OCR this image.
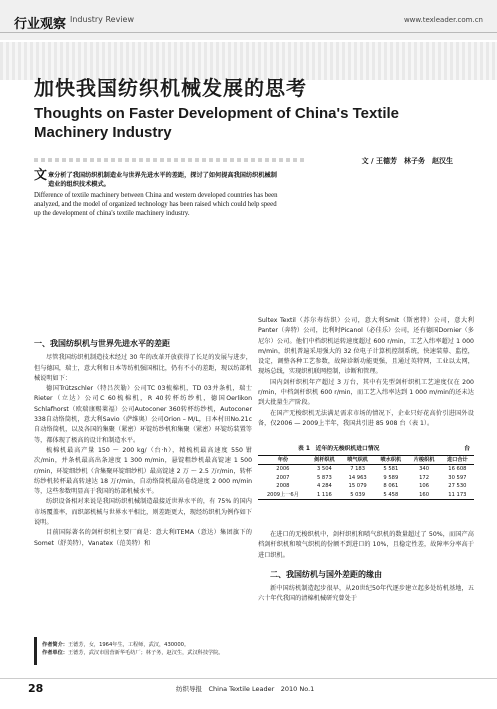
行业观察 Industry Review	www.texleader.com.cn
加快我国纺织机械发展的思考
Thoughts on Faster Development of China's Textile Machinery Industry
文 / 王德芳　林子务　赵汉生
文 章分析了我国纺织机制造业与世界先进水平的差距，探讨了如何提高我国纺织机械制造业的组织技术模式。
Difference of textile machinery between China and western developed countries has been analyzed, and the model of organized technology has been raised which could help speed up the development of china's textile machinery industry.
一、我国纺织机与世界先进水平的差距

尽管我国纺织机制造技术经过 30 年的改革开放获得了长足的发展与进步，但与德国，瑞士，意大利和日本等纺机强国相比，仍有不小的差距，现以纺部机械说明如下：

德国Trützschler（特吕茨勒）公司TC 03梳棉机，TD 03并条机，瑞士Rieter（立达）公司C 60梳棉机，R 40转杯纺纱机，德国Oerlikon Schlafhorst（欧瑞康赐莱福）公司Autoconer 360转杯纺纱机，Autoconer 338自动络筒机，意大利Savio（萨维奥）公司Orion – M/L，日本村田No.21c自动络筒机，以及各国的集聚（紧密）环锭纺纱机和集聚（紧密）环锭纺装置等等，都体现了极高的设计和制造水平。

梳棉机最高产量 150 ～ 200 kg/（台·h），精梳机最高速度 550 钳次/min，并条机最高出条速度 1 300 m/min，悬锭粗纱机最高锭速 1 500 r/min，环锭细纱机（含集聚环锭细纱机）最高锭速 2 万 ～ 2.5 万r/min，转杯纺纱机转杯最高转速达 18 万r/min，自动络筒机最高卷绕速度 2 000 m/min 等，这些参数明显高于我国的纺部机械水平。

纺织设备相对来说是我国纺织机械制造最接近世界水平的，有 75% 的国内市场覆盖率，而织部机械与世界水平相比，则差距更大，现经纺织机为例作如下说明。

目前国际著名的剑杆织机主要厂商是：意大利ITEMA（意达）集团旗下的Somet（舒美特），Vanatex（范美特）和

Sultex Textil（苏尔寿纺织）公司，意大利Smit（斯密特）公司，意大利Panter（奔特）公司，比利时Picanol（必佳乐）公司，还有德国Dornier（多尼尔）公司。他们中档织机运转速度超过 600 r/min，工艺入纬率超过 1 000 m/min，织机普遍采用强大的 32 位电子计算机控制系统，快速装幕、监控，设定，调整各种工艺参数，故障诊断功能更强，且通过英特网，工业以太网，现场总线，实现织机联网控制，诊断和管理。

国内剑杆织机年产超过 3 万台，其中有先型剑杆织机工艺速度仅在 200 r/min，中档剑杆织机 600 r/min，而工艺入纬率达到 1 000 m/min的还未达到大批量生产阶段。

在国产无梭织机无法满足需求市场的情况下，企业只好花高价引进国外设备，仅2006 — 2009上半年，我国共引进 85 908 台（表 1）。

表 1　近年的无梭织机进口情况	台
年份	剑杆织机	喷气织机	喷水织机	片梭织机	进口合计
2006	3 504	7 183	5 581	340	16 608
2007	5 873	14 963	9 589	172	30 597
2008	4 284	15 079	8 061	106	27 530
2009上一6月	1 116	5 039	5 458	160	11 173

在进口的无梭织机中，剑杆织机和喷气织机的数量超过了 50%，而国产高档剑杆织机和喷气织机的份额不到进口的 10%，且稳定性差，故障率分率高于进口织机。

二、我国纺机与国外差距的缘由

新中国纺机制造起步很早，从20世纪50年代逐步建立起多处纺机基地，五六十年代我国的清棉机械研究曾处于

作者简介：王德芳，女，1964年生，工程师，武汉，430000。
作者单位：王德芳，武汉市国营新华毛纺厂；林子务，赵汉生，武汉科技学院。
28	纺织导报　China Textile Leader　2010 No.1
